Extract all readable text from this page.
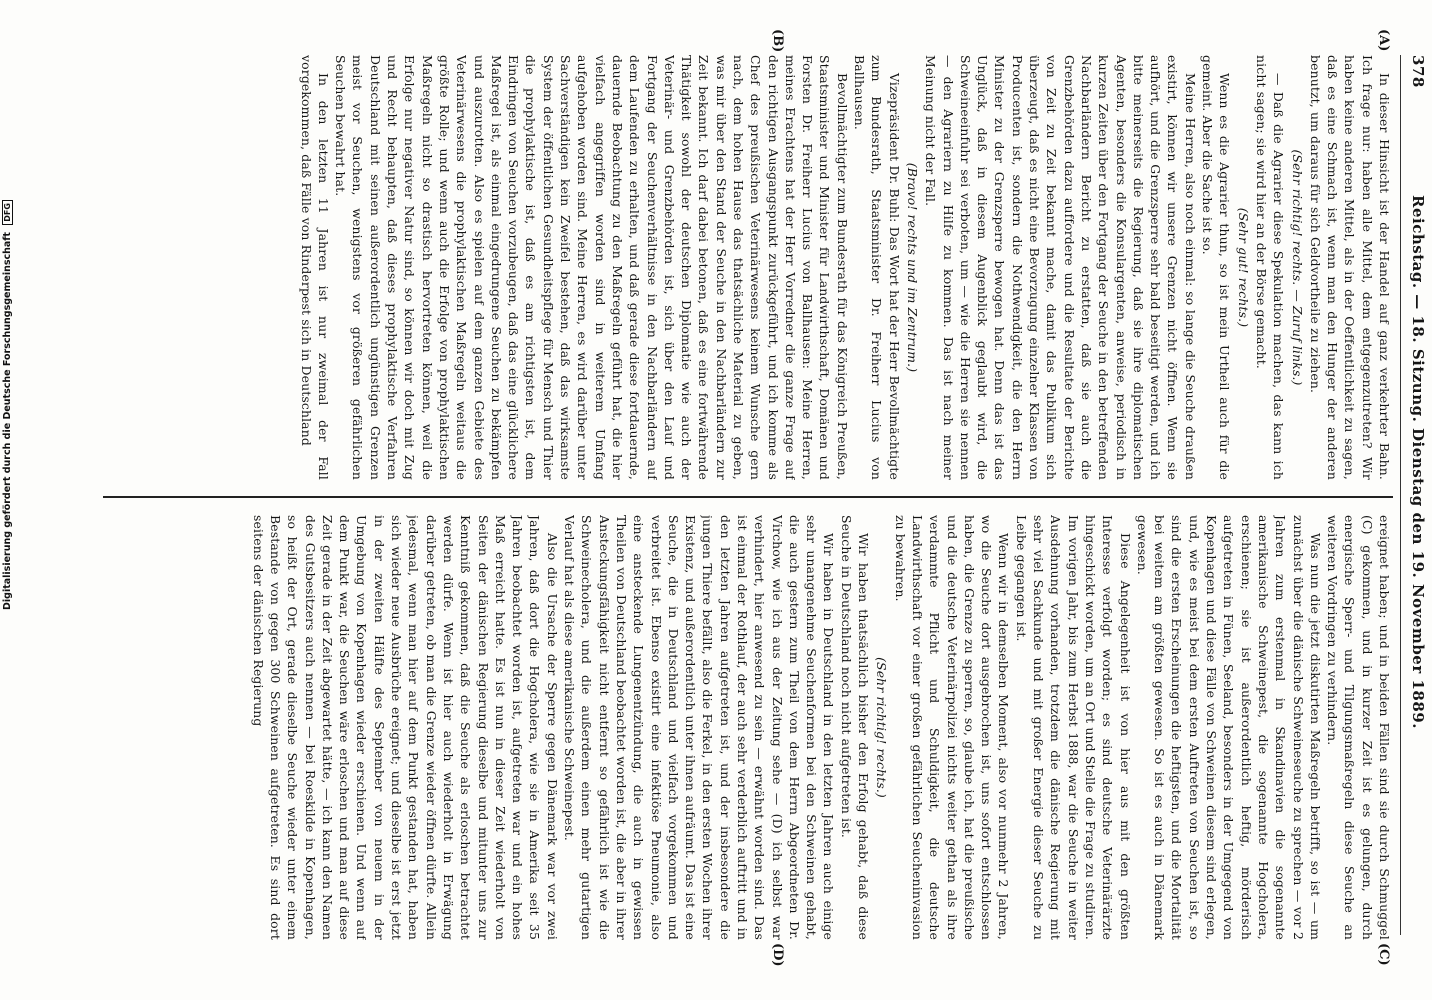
378
Reichstag. — 18. Sitzung. Dienstag den 19. November 1889.
(A)
(B)
(C)
(D)

In dieser Hinsicht ist der Handel auf ganz verkehrter Bahn. Ich frage nur: haben alle Mittel, dem entgegenzutreten? Wir haben keine anderen Mittel, als in der Oeffentlichkeit zu sagen, daß es eine Schmach ist, wenn man den Hunger der anderen benutzt, um daraus für sich Geldvortheile zu ziehen.

(Sehr richtig! rechts. — Zuruf links.)

— Daß die Agrarier diese Spekulation machen, das kann ich nicht sagen; sie wird hier an der Börse gemacht.

(Sehr gut! rechts.)

Wenn es die Agrarier thun, so ist mein Urtheil auch für die gemeint. Aber die Sache ist so.

Meine Herren, also noch einmal: so lange die Seuche draußen existirt, können wir unsere Grenzen nicht öffnen. Wenn sie aufhört, und die Grenzsperre sehr bald beseitigt werden, und ich bitte meinerseits die Regierung, daß sie ihre diplomatischen Agenten, besonders die Konsulargenten, anweise, periodisch in kurzen Zeiten über den Fortgang der Seuche in den betreffenden Nachbarländern Bericht zu erstatten, daß sie auch die Grenzbehörden dazu auffordere und die Resultate der Berichte von Zeit zu Zeit bekannt mache, damit das Publikum sich überzeugt, daß es nicht eine Bevorzugung einzelner Klassen von Producenten ist, sondern die Nothwendigkeit, die den Herrn Minister zu der Grenzsperre bewogen hat. Denn das ist das Unglück, daß in diesem Augenblick geglaubt wird, die Schweineeinfuhr sei verboten, um — wie die Herren sie nennen — den Agrariern zu Hilfe zu kommen. Das ist nach meiner Meinung nicht der Fall.

(Bravo! rechts und im Zentrum.)

Vizepräsident Dr. Buhl: Das Wort hat der Herr Bevollmächtigte zum Bundesrath, Staatsminister Dr. Freiherr Lucius von Ballhausen.

Bevollmächtigter zum Bundesrath für das Königreich Preußen, Staatsminister und Minister für Landwirthschaft, Domänen und Forsten Dr. Freiherr Lucius von Ballhausen: Meine Herren, meines Erachtens hat der Herr Vorredner die ganze Frage auf den richtigen Ausgangspunkt zurückgeführt, und ich komme als Chef des preußischen Veterinärwesens keinem Wunsche gern nach, dem hohen Hause das thatsächliche Material zu geben, was mir über den Stand der Seuche in den Nachbarländern zur Zeit bekannt. Ich darf dabei betonen, daß es eine fortwährende Thätigkeit sowohl der deutschen Diplomatie wie auch der Veterinär- und Grenzbehörden ist, sich über den Lauf und Fortgang der Seuchenverhältnisse in den Nachbarländern auf dem Laufenden zu erhalten, und daß gerade diese fortdauernde, dauernde Beobachtung zu den Maßregeln geführt hat, die hier vielfach angegriffen worden sind in weiterem Umfang aufgehoben worden sind. Meine Herren, es wird darüber unter Sachverständigen kein Zweifel bestehen, daß das wirksamste System der öffentlichen Gesundheitspflege für Mensch und Thier die prophylaktische ist, daß es am richtigsten ist, dem Eindringen von Seuchen vorzubeugen, daß das eine glücklichere Maßregel ist, als einmal eingedrungene Seuchen zu bekämpfen und auszurotten. Also es spielen auf dem ganzen Gebiete des Veterinärwesens die prophylaktischen Maßregeln weitaus die größte Rolle; und wenn auch die Erfolge von prophylaktischen Maßregeln nicht so drastisch hervortreten können, weil die Erfolge nur negativer Natur sind, so können wir doch mit Zug und Recht behaupten, daß dieses prophylaktische Verfahren Deutschland mit seinen außerordentlich ungünstigen Grenzen meist vor Seuchen, wenigstens vor größeren gefährlichen Seuchen bewahrt hat.

In den letzten 11 Jahren ist nur zweimal der Fall vorgekommen, daß Fälle von Rinderpest sich in Deutschland

ereignet haben; und in beiden Fällen sind sie durch Schmuggel (C) gekommen, und in kurzer Zeit ist es gelungen, durch energische Sperr- und Tilgungsmaßregeln diese Seuche an weiteren Vordringen zu verhindern.

Was nun die jetzt diskutirten Maßregeln betrifft, so ist — um zunächst über die dänische Schweineseuche zu sprechen — vor 2 Jahren zum erstenmal in Skandinavien die sogenannte amerikanische Schweinepest, die sogenannte Hogcholera, erschienen; sie ist außerordentlich heftig, mörderisch aufgetreten in Fünen, Seeland, besonders in der Umgegend von Kopenhagen und diese Fälle von Schweinen diesem sind erlegen, und, wie es meist bei dem ersten Auftreten von Seuchen ist, so sind die ersten Erscheinungen die heftigsten, und die Mortalität bei weitem am größten gewesen. So ist es auch in Dänemark gewesen.

Diese Angelegenheit ist von hier aus mit den größten Interesse verfolgt worden; es sind deutsche Veterinärärzte hingeschickt worden, um an Ort und Stelle die Frage zu studiren. Im vorigen Jahr, bis zum Herbst 1888, war die Seuche in weiter Ausdehnung vorhanden, trotzdem die dänische Regierung mit sehr viel Sachkunde und mit großer Energie dieser Seuche zu Leibe gegangen ist.

Wenn wir in demselben Moment, also vor nunmehr 2 Jahren, wo die Seuche dort ausgebrochen ist, uns sofort entschlossen haben, die Grenze zu sperren, so, glaube ich, hat die preußische und die deutsche Veterinärpolizei nichts weiter gethan als ihre verdammte Pflicht und Schuldigkeit, die deutsche Landwirthschaft vor einer großen gefährlichen Seucheninvasion zu bewahren.

(Sehr richtig! rechts.)

Wir haben thatsächlich bisher den Erfolg gehabt, daß diese Seuche in Deutschland noch nicht aufgetreten ist.

Wir haben in Deutschland in den letzten Jahren auch einige sehr unangenehme Seuchenformen bei den Schweinen gehabt, die auch gestern zum Theil von dem Herrn Abgeordneten Dr. Virchow, wie ich aus der Zeitung sehe — (D) ich selbst war verhindert, hier anwesend zu sein — erwähnt worden sind. Das ist einmal der Rothlauf, der auch sehr verderblich auftritt und in den letzten Jahren aufgetreten ist, und der insbesondere die jungen Thiere befällt, also die Ferkel, in den ersten Wochen ihrer Existenz, und außerordentlich unter ihnen aufräumt. Das ist eine Seuche, die in Deutschland und vielfach vorgekommen und verbreitet ist. Ebenso existirt eine infektiöse Pneumonie, also eine ansteckende Lungenentzündung, die auch in gewissen Theilen von Deutschland beobachtet worden ist, die aber in ihrer Ansteckungsfähigkeit nicht entfernt so gefährlich ist wie die Schweinecholera, und die außerdem einen mehr gutartigen Verlauf hat als diese amerikanische Schweinepest.

Also die Ursache der Sperre gegen Dänemark war vor zwei Jahren, daß dort die Hogcholera, wie sie in Amerika seit 35 Jahren beobachtet worden ist, aufgetreten war und ein hohes Maß erreicht hatte. Es ist nun in dieser Zeit wiederholt von Seiten der dänischen Regierung dieselbe und mitunter uns zur Kenntniß gekommen, daß die Seuche als erloschen betrachtet werden dürfe. Wenn ist hier auch wiederholt in Erwägung darüber getreten, ob man die Grenze wieder öffnen dürfte. Allein jedesmal, wenn man hier auf dem Punkt gestanden hat, haben sich wieder neue Ausbrüche ereignet; und dieselbe ist erst jetzt in der zweiten Hälfte des September von neuem in der Umgebung von Kopenhagen wieder erschienen. Und wenn auf dem Punkt war, die Seuchen wäre erloschen und man auf diese Zeit gerade in der Zeit abgewartet hätte, — ich kann den Namen des Gutsbesitzers auch nennen — bei Roeskilde in Kopenhagen, so heißt der Ort, gerade dieselbe Seuche wieder unter einem Bestande von gegen 300 Schweinen aufgetreten. Es sind dort seitens der dänischen Regierung

Digitalisierung gefördert durch die Deutsche Forschungsgemeinschaft DFG
